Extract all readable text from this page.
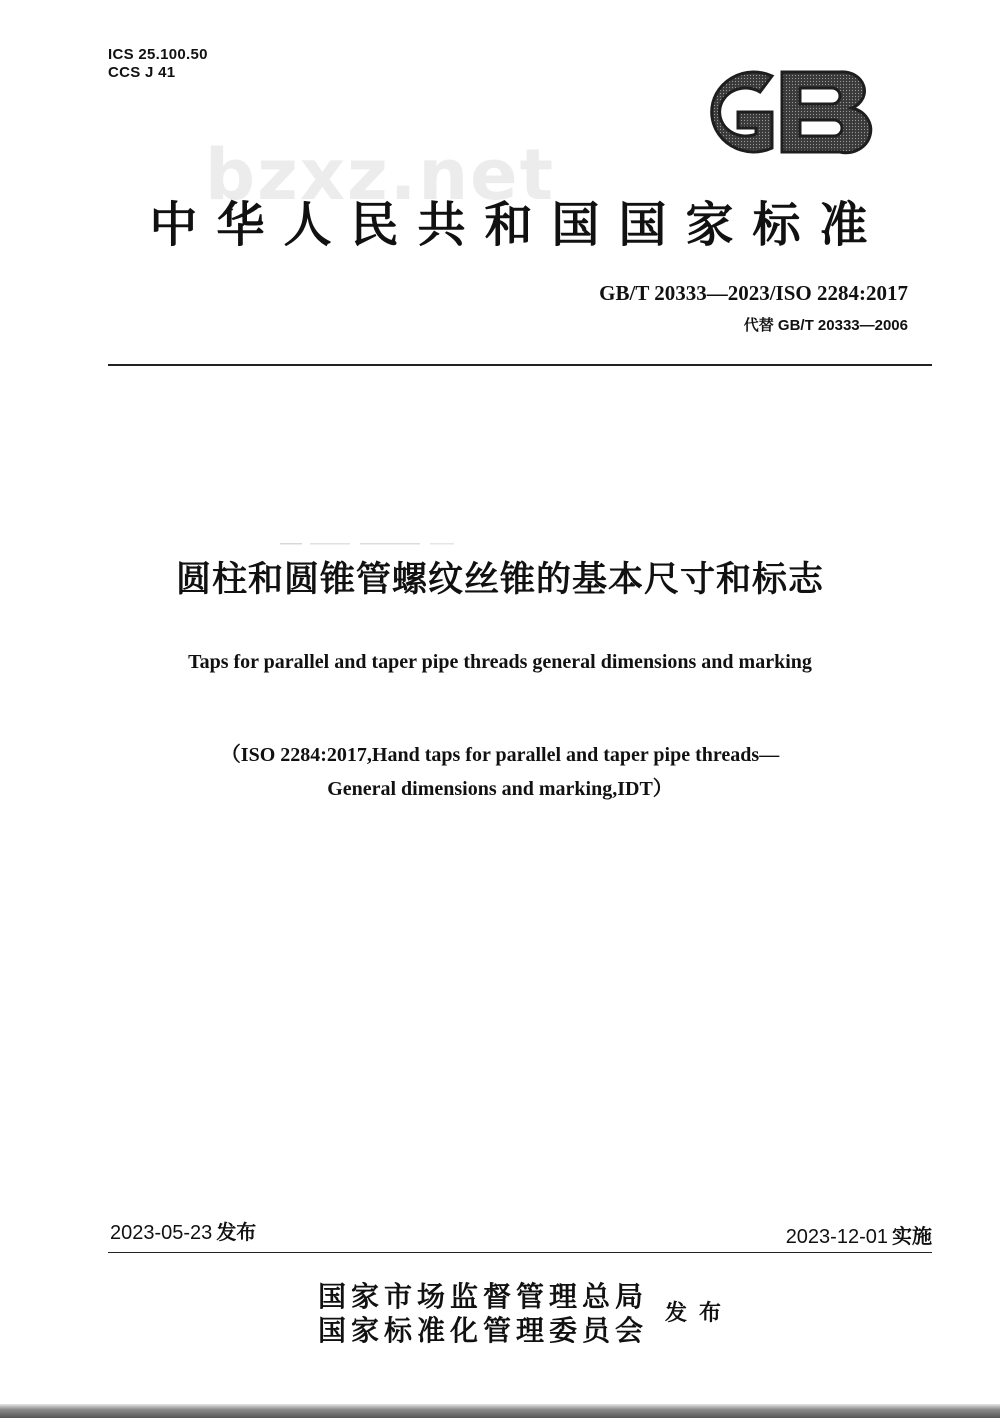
ICS 25.100.50
CCS J 41
bzxz.net
中华人民共和国国家标准
GB/T 20333—2023/ISO 2284:2017
代替 GB/T 20333—2006
圆柱和圆锥管螺纹丝锥的基本尺寸和标志
Taps for parallel and taper pipe threads general dimensions and marking
（ISO 2284:2017,Hand taps for parallel and taper pipe threads—
General dimensions and marking,IDT）
2023-05-23 发布	2023-12-01 实施
国家市场监督管理总局
国家标准化管理委员会
发布
